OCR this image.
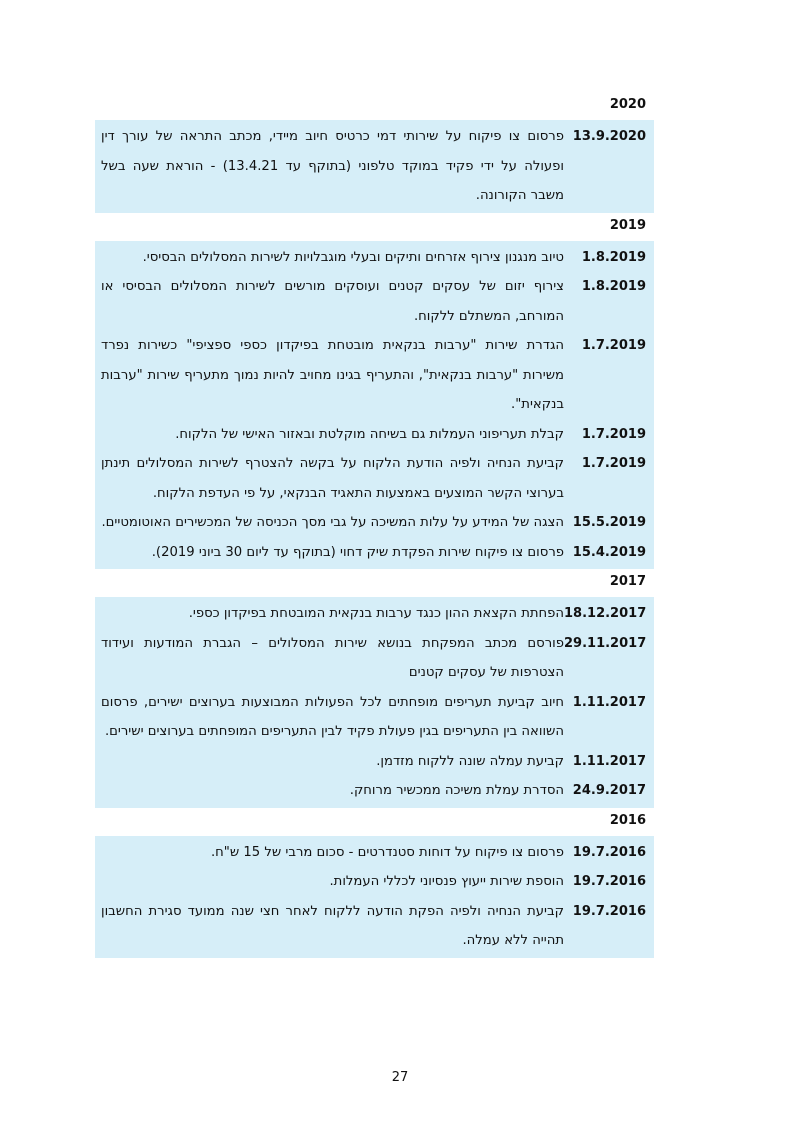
2020
13.9.2020
פרסום צו פיקוח על שירותי דמי כרטיס חיוב מיידי, מכתב התראה של עורך דין ופעולה על ידי פקיד במוקד טלפוני (בתוקף עד 13.4.21) - הוראת שעה בשל משבר הקורונה.
2019
1.8.2019
טיוב מנגנון צירוף אזרחים ותיקים ובעלי מוגבלויות לשירות המסלולים הבסיסי.
1.8.2019
צירוף יזום של עסקים קטנים ועוסקים מורשים לשירות המסלולים הבסיסי או המורחב, המשתלם ללקוח.
1.7.2019
הגדרת שירות "ערבות בנקאית מובטחת בפיקדון כספי ספציפי" כשירות נפרד משירות "ערבות בנקאית", והתעריף בגינו מחויב להיות נמוך מתעריף שירות "ערבות בנקאית".
1.7.2019
קבלת תעריפוני העמלות גם בשיחה מוקלטת ובאזור האישי של הלקוח.
1.7.2019
קביעת הנחיה ולפיה הודעת הלקוח על בקשה להצטרף לשירות המסלולים תינתן בערוצי הקשר המוצעים באמצעות התאגיד הבנקאי, על פי העדפת הלקוח.
15.5.2019
הצגה של המידע על עלות המשיכה על גבי מסך הכניסה של המכשירים האוטומטיים.
15.4.2019
פרסום צו פיקוח שירות הפקדת שיק דחוי (בתוקף עד ליום 30 ביוני 2019).
2017
18.12.2017
הפחתת הקצאת ההון כנגד ערבות בנקאית המובטחת בפיקדון כספי.
29.11.2017
פורסם מכתב המפקחת בנושא שירות המסלולים – הגברת המודעות ועידוד הצטרפות של עסקים קטנים
1.11.2017
חיוב קביעת תעריפים מופחתים לכל הפעולות המבוצעות בערוצים ישירים, פרסום השוואה בין התעריפים בגין פעולת פקיד לבין התעריפים המופחתים בערוצים ישירים.
1.11.2017
קביעת עמלה שונה ללקוח מזדמן.
24.9.2017
הסדרת עמלת משיכה ממכשיר מרוחק.
2016
19.7.2016
פרסום צו פיקוח על דוחות סטנדרטים - סכום מרבי של 15 ש"ח.
19.7.2016
הוספת שירות ייעוץ פנסיוני לכללי העמלות.
19.7.2016
קביעת הנחיה ולפיה הפקת הודעה ללקוח לאחר חצי שנה ממועד סגירת החשבון תהייה ללא עמלה.
27
